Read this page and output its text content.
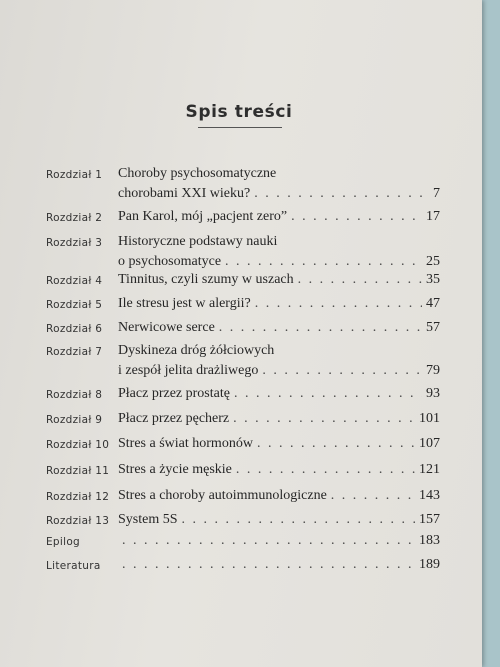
Spis treści
Rozdział 1	Choroby psychosomatyczne
chorobami XXI wieku? . . .	7
Rozdział 2	Pan Karol, mój „pacjent zero” . . .	17
Rozdział 3	Historyczne podstawy nauki
o psychosomatyce . . .	25
Rozdział 4	Tinnitus, czyli szumy w uszach . . .	35
Rozdział 5	Ile stresu jest w alergii? . . .	47
Rozdział 6	Nerwicowe serce . . .	57
Rozdział 7	Dyskineza dróg żółciowych
i zespół jelita drażliwego . . .	79
Rozdział 8	Płacz przez prostatę . . .	93
Rozdział 9	Płacz przez pęcherz . . .	101
Rozdział 10 Stres a świat hormonów . . .	107
Rozdział 11 Stres a życie męskie . . .	121
Rozdział 12 Stres a choroby autoimmunologiczne . . .	143
Rozdział 13 System 5S . . .	157
Epilog . . .	183
Literatura . . .	189
